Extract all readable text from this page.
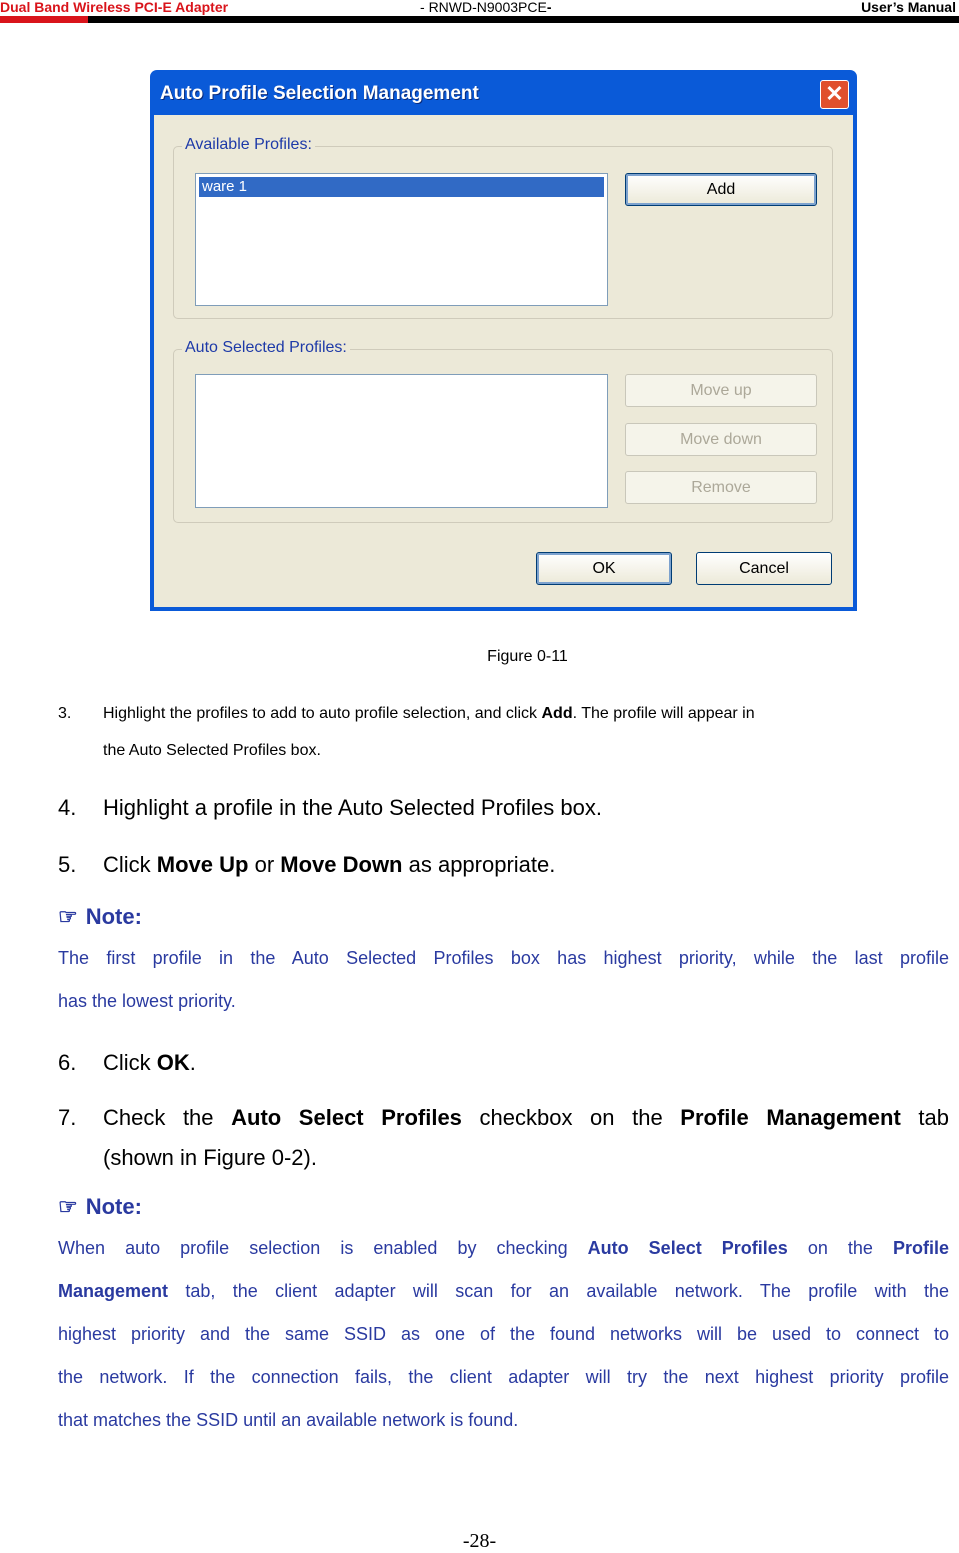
Dual Band Wireless PCI-E Adapter	- RNWD-N9003PCE-	User’s Manual
Auto Profile Selection Management	✕
Available Profiles:
ware 1	Add
Auto Selected Profiles:
Move up
Move down
Remove
OK	Cancel
Figure 0-11
3. Highlight the profiles to add to auto profile selection, and click Add. The profile will appear in
the Auto Selected Profiles box.
4. Highlight a profile in the Auto Selected Profiles box.
5. Click Move Up or Move Down as appropriate.
☞ Note:
The first profile in the Auto Selected Profiles box has highest priority, while the last profile
has the lowest priority.
6. Click OK.
7. Check the Auto Select Profiles checkbox on the Profile Management tab
(shown in Figure 0-2).
☞ Note:
When auto profile selection is enabled by checking Auto Select Profiles on the Profile
Management tab, the client adapter will scan for an available network. The profile with the
highest priority and the same SSID as one of the found networks will be used to connect to
the network. If the connection fails, the client adapter will try the next highest priority profile
that matches the SSID until an available network is found.
-28-
